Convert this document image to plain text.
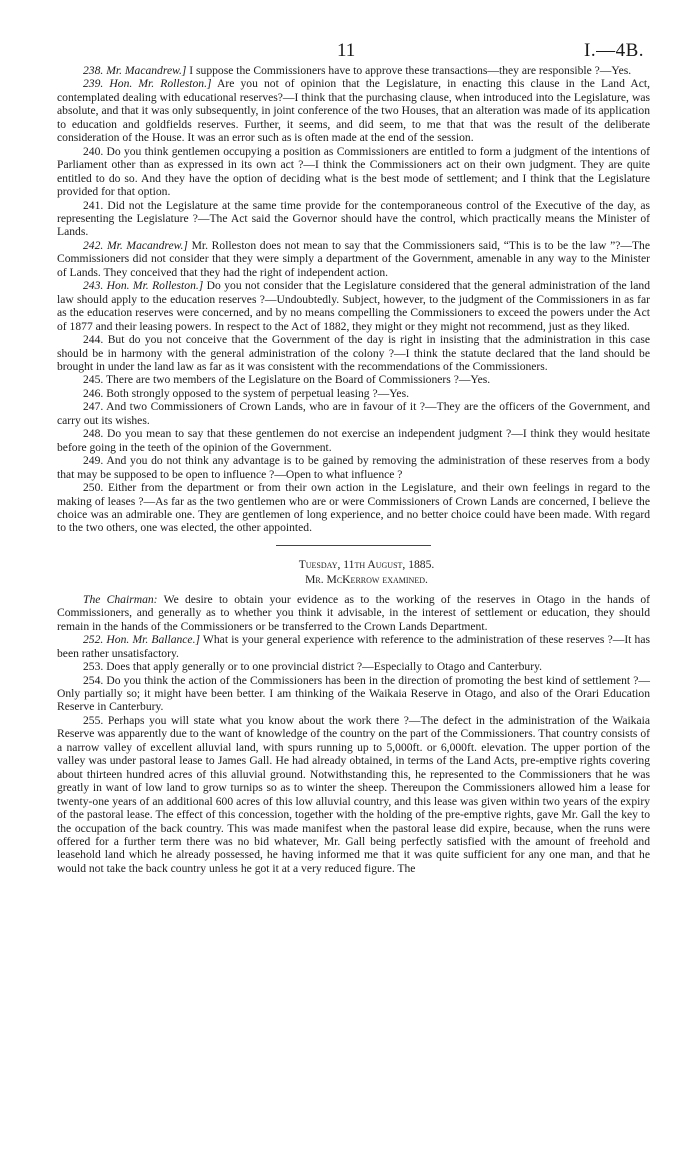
11	I.—4B.

238. Mr. Macandrew.] I suppose the Commissioners have to approve these transactions—they are responsible ?—Yes.

239. Hon. Mr. Rolleston.] Are you not of opinion that the Legislature, in enacting this clause in the Land Act, contemplated dealing with educational reserves?—I think that the purchasing clause, when introduced into the Legislature, was absolute, and that it was only subsequently, in joint conference of the two Houses, that an alteration was made of its application to education and goldfields reserves. Further, it seems, and did seem, to me that that was the result of the deliberate consideration of the House. It was an error such as is often made at the end of the session.

240. Do you think gentlemen occupying a position as Commissioners are entitled to form a judgment of the intentions of Parliament other than as expressed in its own act ?—I think the Commissioners act on their own judgment. They are quite entitled to do so. And they have the option of deciding what is the best mode of settlement; and I think that the Legislature provided for that option.

241. Did not the Legislature at the same time provide for the contemporaneous control of the Executive of the day, as representing the Legislature ?—The Act said the Governor should have the control, which practically means the Minister of Lands.

242. Mr. Macandrew.] Mr. Rolleston does not mean to say that the Commissioners said, “This is to be the law ”?—The Commissioners did not consider that they were simply a department of the Government, amenable in any way to the Minister of Lands. They conceived that they had the right of independent action.

243. Hon. Mr. Rolleston.] Do you not consider that the Legislature considered that the general administration of the land law should apply to the education reserves ?—Undoubtedly. Subject, however, to the judgment of the Commissioners in as far as the education reserves were concerned, and by no means compelling the Commissioners to exceed the powers under the Act of 1877 and their leasing powers. In respect to the Act of 1882, they might or they might not recommend, just as they liked.

244. But do you not conceive that the Government of the day is right in insisting that the administration in this case should be in harmony with the general administration of the colony ?—I think the statute declared that the land should be brought in under the land law as far as it was consistent with the recommendations of the Commissioners.

245. There are two members of the Legislature on the Board of Commissioners ?—Yes.

246. Both strongly opposed to the system of perpetual leasing ?—Yes.

247. And two Commissioners of Crown Lands, who are in favour of it ?—They are the officers of the Government, and carry out its wishes.

248. Do you mean to say that these gentlemen do not exercise an independent judgment ?—I think they would hesitate before going in the teeth of the opinion of the Government.

249. And you do not think any advantage is to be gained by removing the administration of these reserves from a body that may be supposed to be open to influence ?—Open to what influence ?

250. Either from the department or from their own action in the Legislature, and their own feelings in regard to the making of leases ?—As far as the two gentlemen who are or were Commissioners of Crown Lands are concerned, I believe the choice was an admirable one. They are gentlemen of long experience, and no better choice could have been made. With regard to the two others, one was elected, the other appointed.

Tuesday, 11th August, 1885.

Mr. McKerrow examined.

The Chairman: We desire to obtain your evidence as to the working of the reserves in Otago in the hands of Commissioners, and generally as to whether you think it advisable, in the interest of settlement or education, they should remain in the hands of the Commissioners or be transferred to the Crown Lands Department.

252. Hon. Mr. Ballance.] What is your general experience with reference to the administration of these reserves ?—It has been rather unsatisfactory.

253. Does that apply generally or to one provincial district ?—Especially to Otago and Canterbury.

254. Do you think the action of the Commissioners has been in the direction of promoting the best kind of settlement ?—Only partially so; it might have been better. I am thinking of the Waikaia Reserve in Otago, and also of the Orari Education Reserve in Canterbury.

255. Perhaps you will state what you know about the work there ?—The defect in the administration of the Waikaia Reserve was apparently due to the want of knowledge of the country on the part of the Commissioners. That country consists of a narrow valley of excellent alluvial land, with spurs running up to 5,000ft. or 6,000ft. elevation. The upper portion of the valley was under pastoral lease to James Gall. He had already obtained, in terms of the Land Acts, pre-emptive rights covering about thirteen hundred acres of this alluvial ground. Notwithstanding this, he represented to the Commissioners that he was greatly in want of low land to grow turnips so as to winter the sheep. Thereupon the Commissioners allowed him a lease for twenty-one years of an additional 600 acres of this low alluvial country, and this lease was given within two years of the expiry of the pastoral lease. The effect of this concession, together with the holding of the pre-emptive rights, gave Mr. Gall the key to the occupation of the back country. This was made manifest when the pastoral lease did expire, because, when the runs were offered for a further term there was no bid whatever, Mr. Gall being perfectly satisfied with the amount of freehold and leasehold land which he already possessed, he having informed me that it was quite sufficient for any one man, and that he would not take the back country unless he got it at a very reduced figure. The
